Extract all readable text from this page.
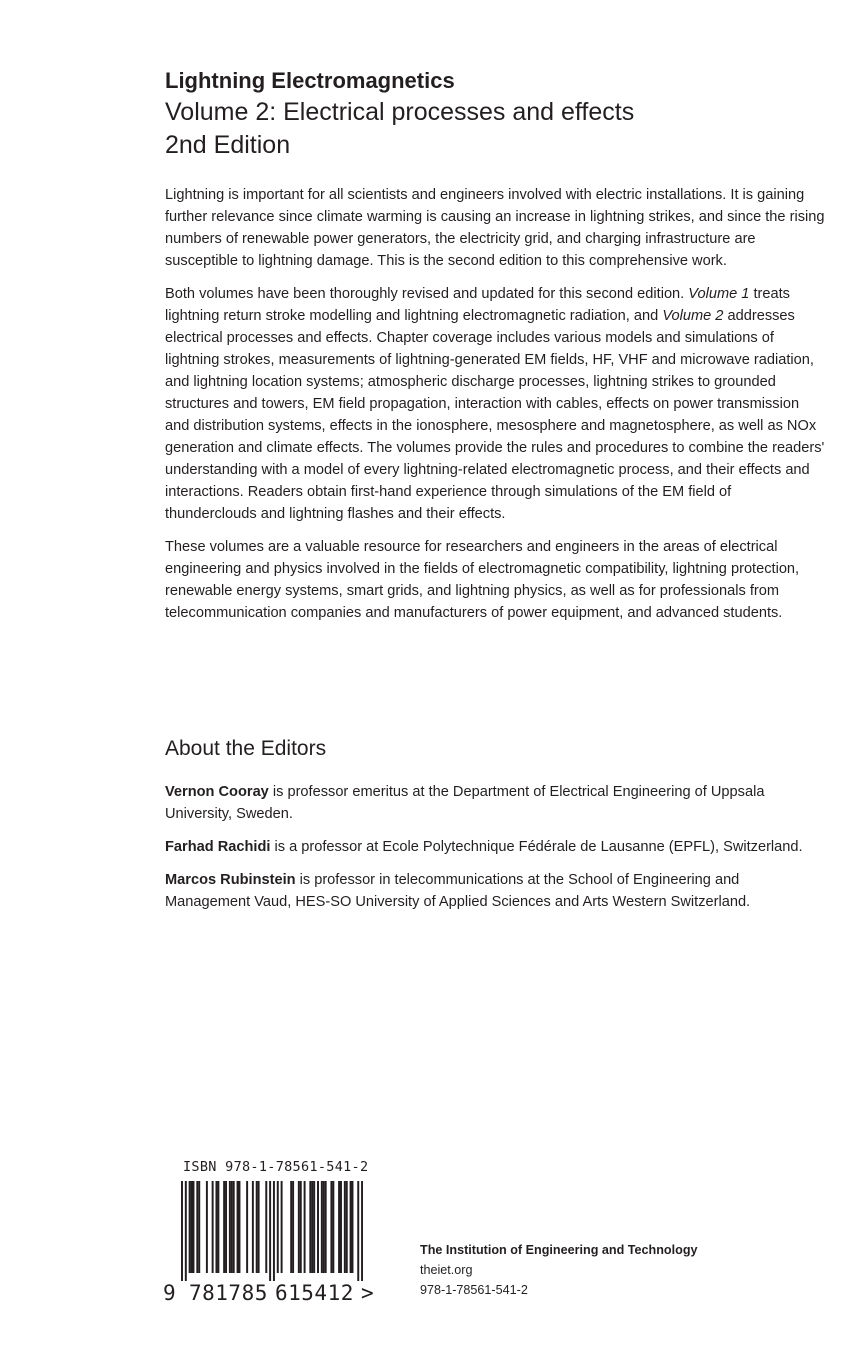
Lightning Electromagnetics
Volume 2: Electrical processes and effects
2nd Edition

Lightning is important for all scientists and engineers involved with electric installations. It is gaining further relevance since climate warming is causing an increase in lightning strikes, and since the rising numbers of renewable power generators, the electricity grid, and charging infrastructure are susceptible to lightning damage. This is the second edition to this comprehensive work.

Both volumes have been thoroughly revised and updated for this second edition. Volume 1 treats lightning return stroke modelling and lightning electromagnetic radiation, and Volume 2 addresses electrical processes and effects. Chapter coverage includes various models and simulations of lightning strokes, measurements of lightning-generated EM fields, HF, VHF and microwave radiation, and lightning location systems; atmospheric discharge processes, lightning strikes to grounded structures and towers, EM field propagation, interaction with cables, effects on power transmission and distribution systems, effects in the ionosphere, mesosphere and magnetosphere, as well as NOx generation and climate effects. The volumes provide the rules and procedures to combine the readers' understanding with a model of every lightning-related electromagnetic process, and their effects and interactions. Readers obtain first-hand experience through simulations of the EM field of thunderclouds and lightning flashes and their effects.

These volumes are a valuable resource for researchers and engineers in the areas of electrical engineering and physics involved in the fields of electromagnetic compatibility, lightning protection, renewable energy systems, smart grids, and lightning physics, as well as for professionals from telecommunication companies and manufacturers of power equipment, and advanced students.

About the Editors

Vernon Cooray is professor emeritus at the Department of Electrical Engineering of Uppsala University, Sweden.

Farhad Rachidi is a professor at Ecole Polytechnique Fédérale de Lausanne (EPFL), Switzerland.

Marcos Rubinstein is professor in telecommunications at the School of Engineering and Management Vaud, HES-SO University of Applied Sciences and Arts Western Switzerland.

ISBN 978-1-78561-541-2

9 781785 615412 >

The Institution of Engineering and Technology

theiet.org

978-1-78561-541-2
